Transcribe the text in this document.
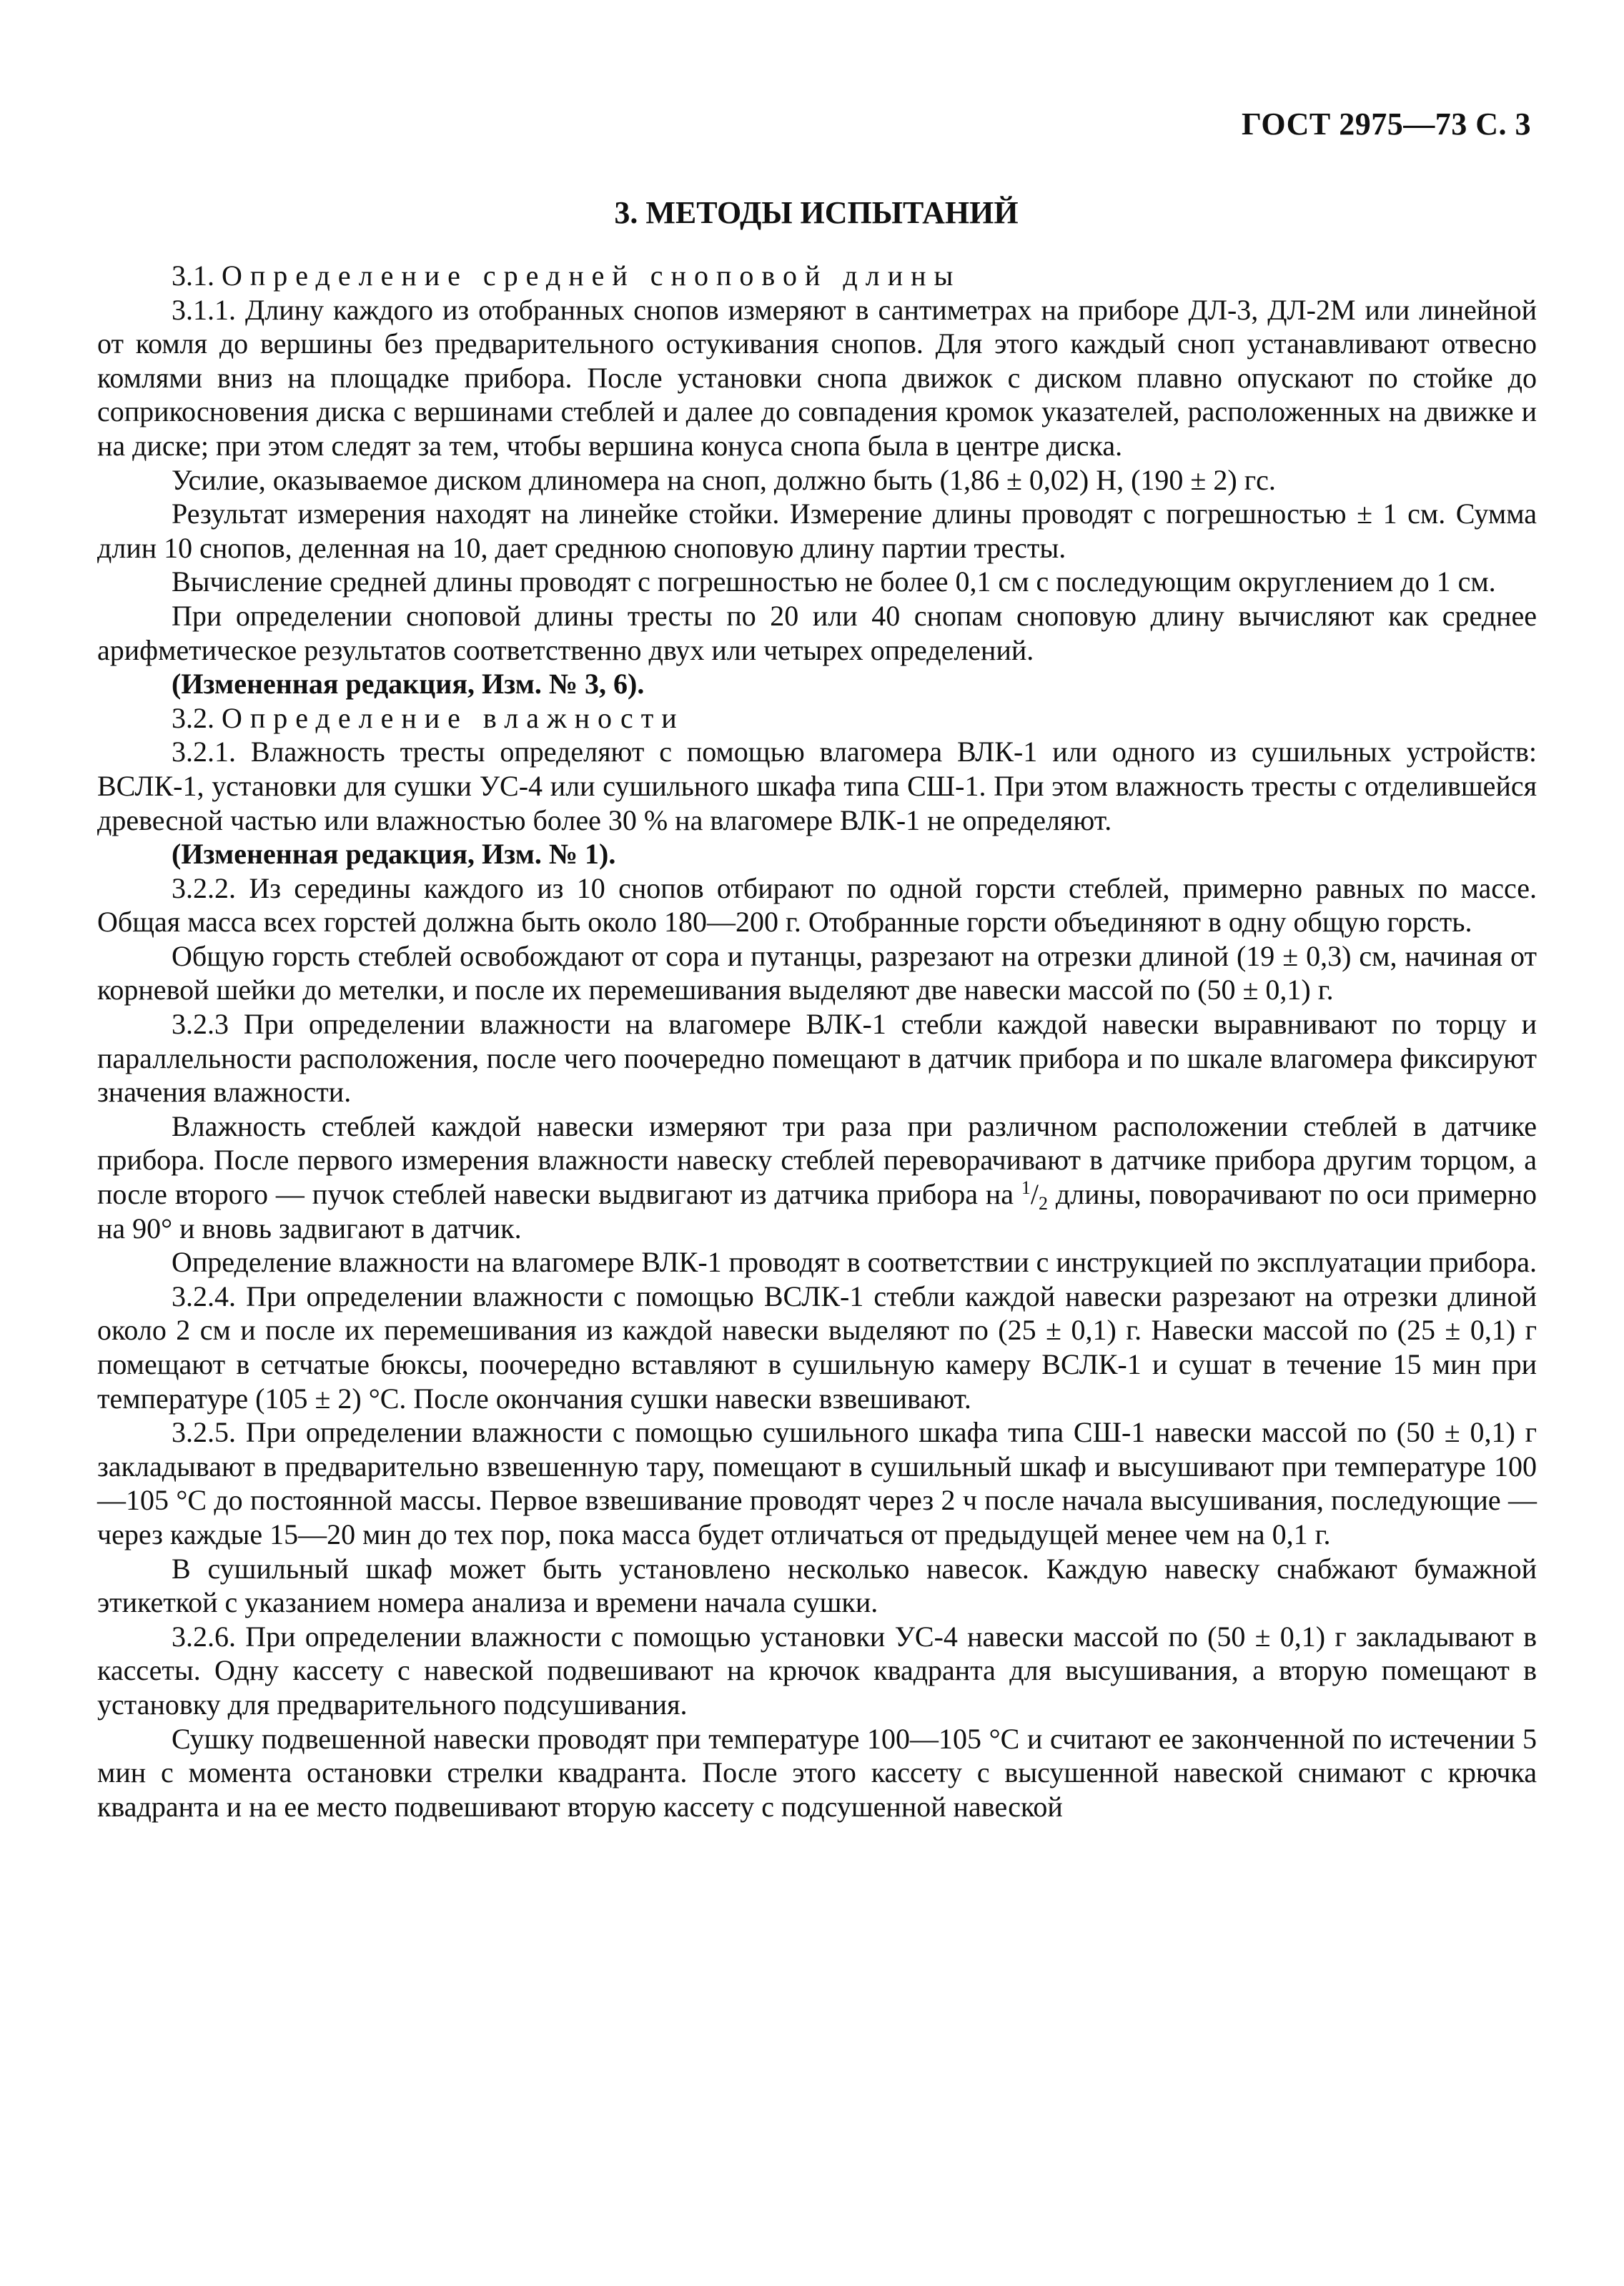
ГОСТ 2975—73 С. 3
3. МЕТОДЫ ИСПЫТАНИЙ

3.1. Определение средней сноповой длины

3.1.1. Длину каждого из отобранных снопов измеряют в сантиметрах на приборе ДЛ-3, ДЛ-2М или линейной от комля до вершины без предварительного остукивания снопов. Для этого каждый сноп устанавливают отвесно комлями вниз на площадке прибора. После установки снопа движок с диском плавно опускают по стойке до соприкосновения диска с вершинами стеблей и далее до совпадения кромок указателей, расположенных на движке и на диске; при этом следят за тем, чтобы вершина конуса снопа была в центре диска.

Усилие, оказываемое диском длиномера на сноп, должно быть (1,86 ± 0,02) Н, (190 ± 2) гс.

Результат измерения находят на линейке стойки. Измерение длины проводят с погрешностью ± 1 см. Сумма длин 10 снопов, деленная на 10, дает среднюю сноповую длину партии тресты.

Вычисление средней длины проводят с погрешностью не более 0,1 см с последующим округлением до 1 см.

При определении сноповой длины тресты по 20 или 40 снопам сноповую длину вычисляют как среднее арифметическое результатов соответственно двух или четырех определений.

(Измененная редакция, Изм. № 3, 6).

3.2. Определение влажности

3.2.1. Влажность тресты определяют с помощью влагомера ВЛК-1 или одного из сушильных устройств: ВСЛК-1, установки для сушки УС-4 или сушильного шкафа типа СШ-1. При этом влажность тресты с отделившейся древесной частью или влажностью более 30 % на влагомере ВЛК-1 не определяют.

(Измененная редакция, Изм. № 1).

3.2.2. Из середины каждого из 10 снопов отбирают по одной горсти стеблей, примерно равных по массе. Общая масса всех горстей должна быть около 180—200 г. Отобранные горсти объединяют в одну общую горсть.

Общую горсть стеблей освобождают от сора и путанцы, разрезают на отрезки длиной (19 ± 0,3) см, начиная от корневой шейки до метелки, и после их перемешивания выделяют две навески массой по (50 ± 0,1) г.

3.2.3 При определении влажности на влагомере ВЛК-1 стебли каждой навески выравнивают по торцу и параллельности расположения, после чего поочередно помещают в датчик прибора и по шкале влагомера фиксируют значения влажности.

Влажность стеблей каждой навески измеряют три раза при различном расположении стеблей в датчике прибора. После первого измерения влажности навеску стеблей переворачивают в датчике прибора другим торцом, а после второго — пучок стеблей навески выдвигают из датчика прибора на $^1/_2$ длины, поворачивают по оси примерно на 90° и вновь задвигают в датчик.

Определение влажности на влагомере ВЛК-1 проводят в соответствии с инструкцией по эксплуатации прибора.

3.2.4. При определении влажности с помощью ВСЛК-1 стебли каждой навески разрезают на отрезки длиной около 2 см и после их перемешивания из каждой навески выделяют по (25 ± 0,1) г. Навески массой по (25 ± 0,1) г помещают в сетчатые бюксы, поочередно вставляют в сушильную камеру ВСЛК-1 и сушат в течение 15 мин при температуре (105 ± 2) °С. После окончания сушки навески взвешивают.

3.2.5. При определении влажности с помощью сушильного шкафа типа СШ-1 навески массой по (50 ± 0,1) г закладывают в предварительно взвешенную тару, помещают в сушильный шкаф и высушивают при температуре 100—105 °С до постоянной массы. Первое взвешивание проводят через 2 ч после начала высушивания, последующие — через каждые 15—20 мин до тех пор, пока масса будет отличаться от предыдущей менее чем на 0,1 г.

В сушильный шкаф может быть установлено несколько навесок. Каждую навеску снабжают бумажной этикеткой с указанием номера анализа и времени начала сушки.

3.2.6. При определении влажности с помощью установки УС-4 навески массой по (50 ± 0,1) г закладывают в кассеты. Одну кассету с навеской подвешивают на крючок квадранта для высушивания, а вторую помещают в установку для предварительного подсушивания.

Сушку подвешенной навески проводят при температуре 100—105 °С и считают ее законченной по истечении 5 мин с момента остановки стрелки квадранта. После этого кассету с высушенной навеской снимают с крючка квадранта и на ее место подвешивают вторую кассету с подсушенной навеской
